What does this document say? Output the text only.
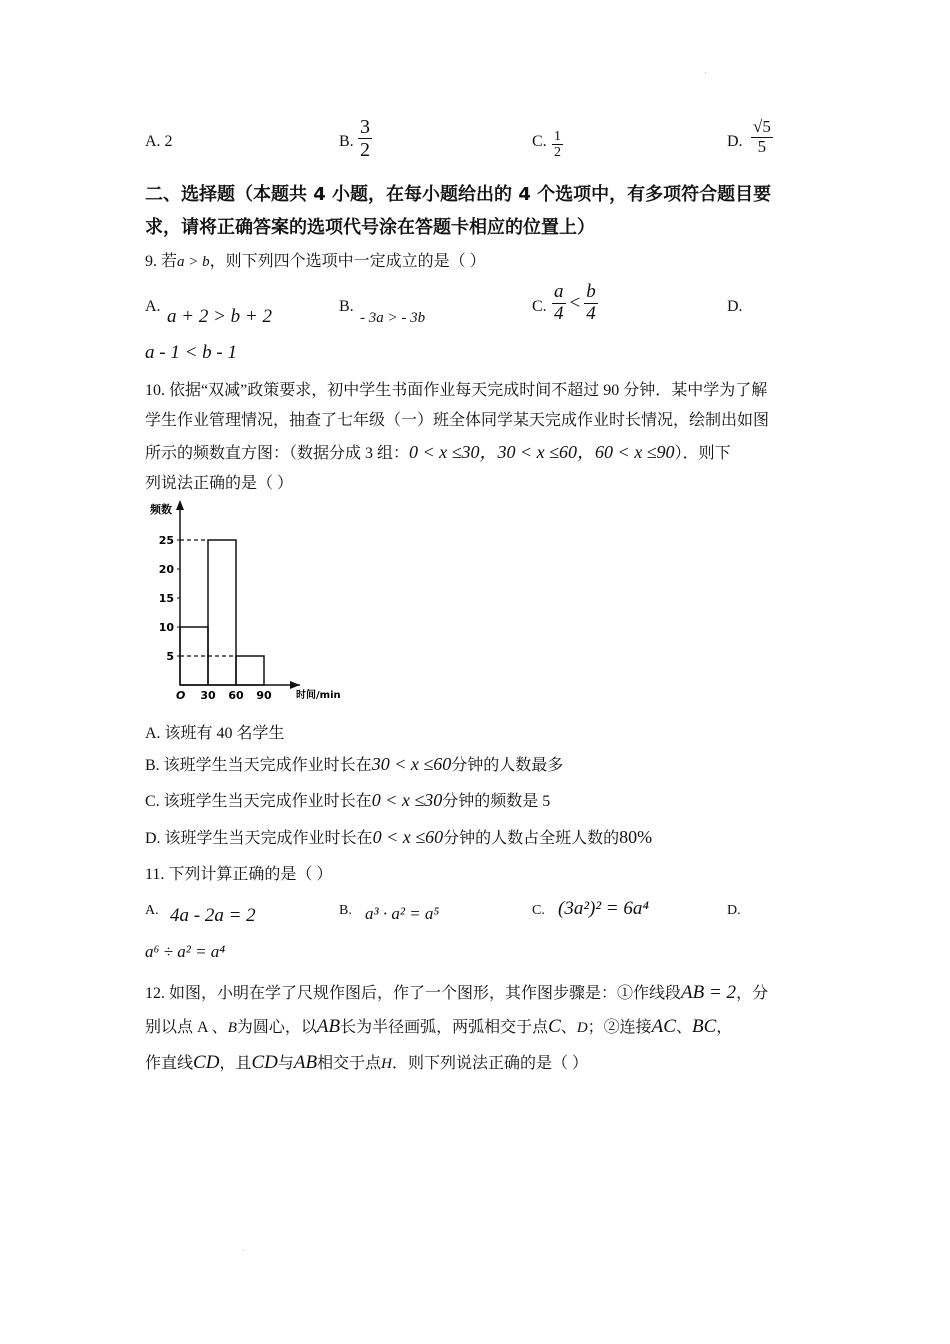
A. 2	B. $\frac{3}{2}$	C. $\frac{1}{2}$	D. $\frac{√5}{5}$
二、选择题（本题共 4 小题，在每小题给出的 4 个选项中，有多项符合题目要
求，请将正确答案的选项代号涂在答题卡相应的位置上）
9. 若a > b，则下列四个选项中一定成立的是（ ）
A. a + 2 > b + 2	B.
- 3a > - 3b
C. $\frac{a}{4} < \frac{b}{4}$	D.
a - 1 < b - 1
10. 依据“双减”政策要求，初中学生书面作业每天完成时间不超过 90 分钟．某中学为了解
学生作业管理情况，抽查了七年级（一）班全体同学某天完成作业时长情况，绘制出如图
所示的频数直方图：（数据分成 3 组：0 < x ≤30，30 < x ≤60，60 < x ≤90）．则下
列说法正确的是（ ）
5
10
15
20
25
30 60 90
频数
时间/min
O
A. 该班有 40 名学生
B. 该班学生当天完成作业时长在30 < x ≤60分钟的人数最多
C. 该班学生当天完成作业时长在0 < x ≤30分钟的频数是 5
D. 该班学生当天完成作业时长在0 < x ≤60分钟的人数占全班人数的80%
11. 下列计算正确的是（ ）
A. 4a - 2a = 2	B. a³ · a² = a⁵	C. (3a²)² = 6a⁴	D.
a⁶ ÷ a² = a⁴
12. 如图，小明在学了尺规作图后，作了一个图形，其作图步骤是：①作线段AB = 2，分
别以点 A 、B为圆心，以AB长为半径画弧，两弧相交于点C、D；②连接AC、BC，
作直线CD，且CD与AB相交于点H．则下列说法正确的是（ ）
